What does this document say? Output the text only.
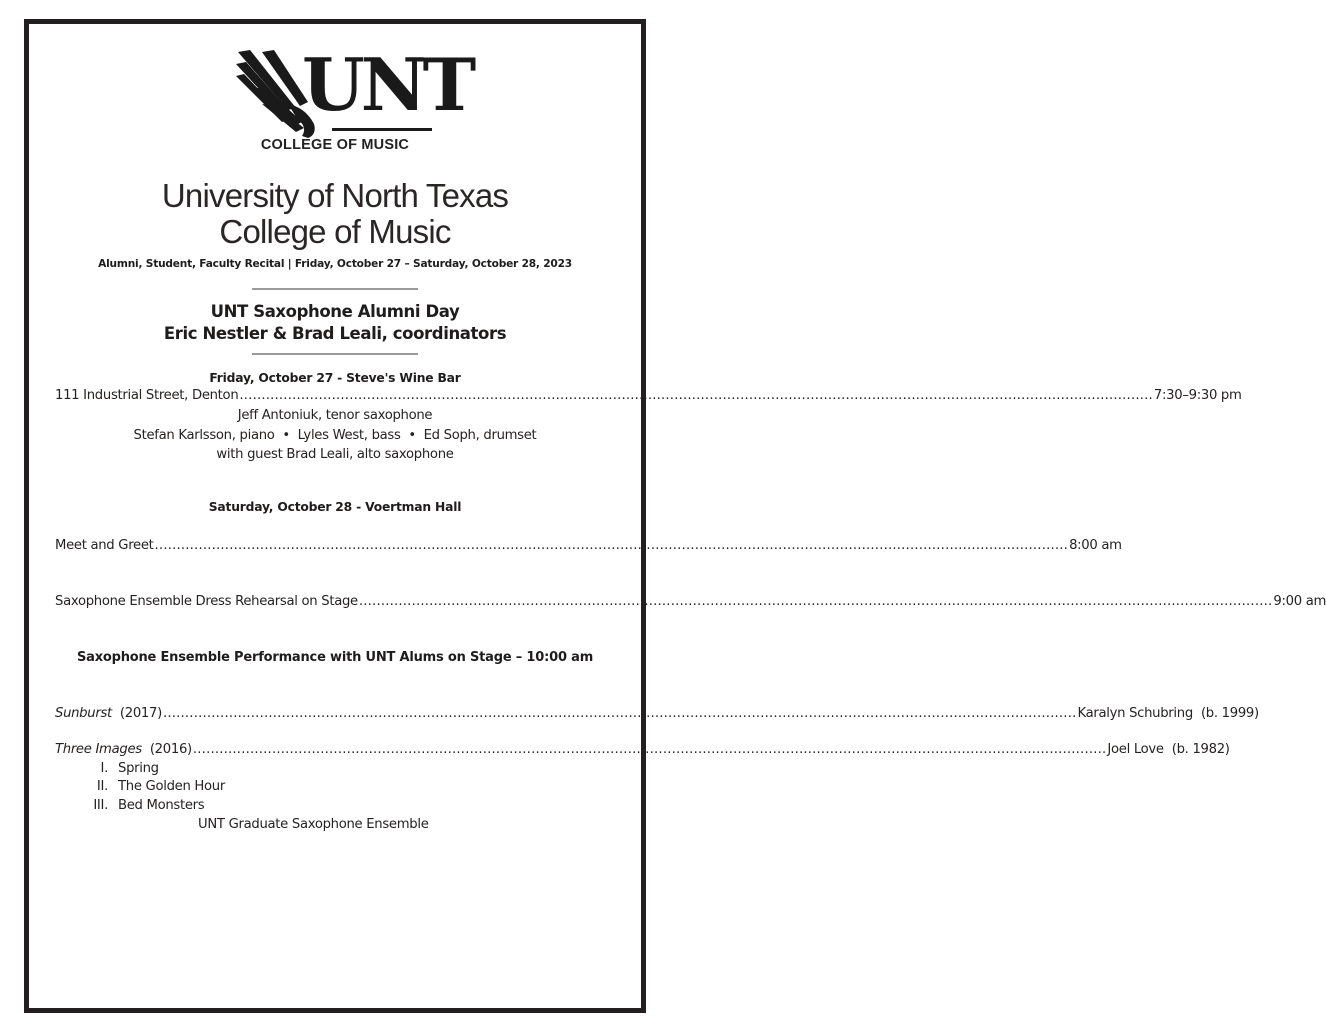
UNT
COLLEGE OF MUSIC
University of North Texas
College of Music
Alumni, Student, Faculty Recital | Friday, October 27 – Saturday, October 28, 2023
UNT Saxophone Alumni Day
Eric Nestler & Brad Leali, coordinators
Friday, October 27 - Steve's Wine Bar
111 Industrial Street, Denton .....	7:30–9:30 pm
Jeff Antoniuk, tenor saxophone
Stefan Karlsson, piano  •  Lyles West, bass  •  Ed Soph, drumset
with guest Brad Leali, alto saxophone
Saturday, October 28 - Voertman Hall
Meet and Greet .....	8:00 am
Saxophone Ensemble Dress Rehearsal on Stage .....	9:00 am
Saxophone Ensemble Performance with UNT Alums on Stage – 10:00 am
Sunburst (2017) .....	Karalyn Schubring (b. 1999)
Three Images (2016) .....	Joel Love (b. 1982)
I. Spring
II. The Golden Hour
III. Bed Monsters
UNT Graduate Saxophone Ensemble
